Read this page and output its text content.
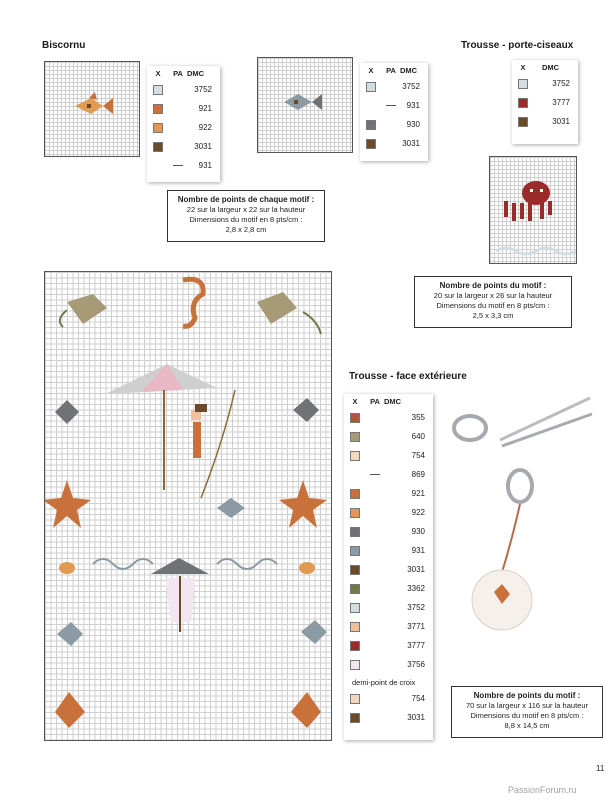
Biscornu	Trousse - porte-ciseaux
Trousse - face extérieure
X	PA DMC
3752
921
922
3031
931
X	PA DMC
3752
931
930
3031
X	DMC
3752
3777
3031
Nombre de points de chaque motif :
22 sur la largeur x 22 sur la hauteur
Dimensions du motif en 8 pts/cm :
2,8 x 2,8 cm
Nombre de points du motif :
20 sur la largeur x 26 sur la hauteur
Dimensions du motif en 8 pts/cm :
2,5 x 3,3 cm
X	PA DMC
355
640
754
869
921
922
930
931
3031
3362
3752
3771
3777
3756
demi-point de croix
754
3031
Nombre de points du motif :
70 sur la largeur x 116 sur la hauteur
Dimensions du motif en 8 pts/cm :
8,8 x 14,5 cm
11
PassionForum.ru
